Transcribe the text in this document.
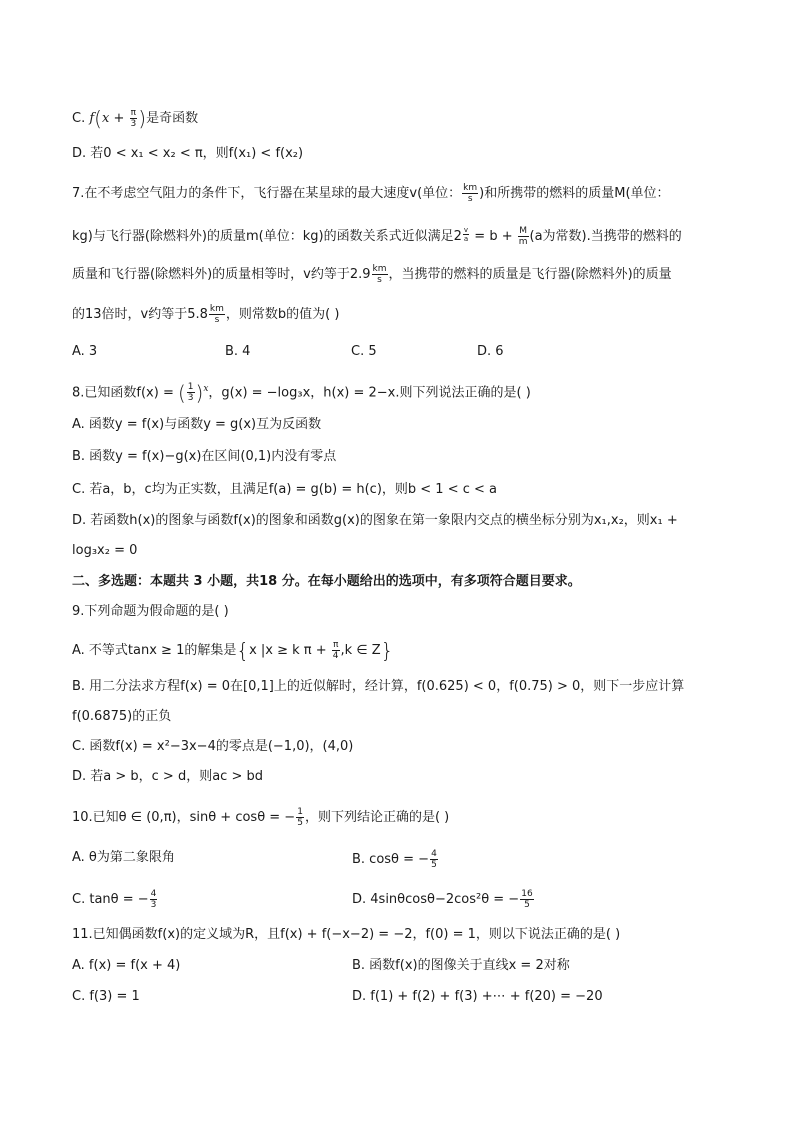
C. $f(x + \frac{\pi}{3}$ )是奇函数
D. 若0 < x₁ < x₂ < π，则f(x₁) < f(x₂)
7.在不考虑空气阻力的条件下，飞行器在某星球的最大速度v(单位： $\frac{km}{s}$ )和所携带的燃料的质量M(单位：
kg)与飞行器(除燃料外)的质量m(单位：kg)的函数关系式近似满足$2 \frac{v}{a} = b + \frac{M}{m} (a$为常数).当携带的燃料的
质量和飞行器(除燃料外)的质量相等时，v约等于$2.9 \frac{km}{s}$ ，当携带的燃料的质量是飞行器(除燃料外)的质量
的13倍时，v约等于$5.8 \frac{km}{s}$ ，则常数b的值为( )
A. 3	B. 4	C. 5	D. 6
8.已知函数f(x) = ( $\frac{1}{3} )^x$，g(x) = −log₃x，h(x) = 2−x.则下列说法正确的是( )
A. 函数y = f(x)与函数y = g(x)互为反函数
B. 函数y = f(x)−g(x)在区间(0,1)内没有零点
C. 若a，b，c均为正实数，且满足f(a) = g(b) = h(c)，则b < 1 < c < a
D. 若函数h(x)的图象与函数f(x)的图象和函数g(x)的图象在第一象限内交点的横坐标分别为x₁,x₂，则x₁ +
log₃x₂ = 0
二、多选题：本题共 3 小题，共18 分。在每小题给出的选项中，有多项符合题目要求。
9.下列命题为假命题的是( )
A. 不等式tanx ≥ 1的解集是{x |x ≥ k $\pi + \frac{\pi}{4} ,k$ ∈ Z}
B. 用二分法求方程f(x) = 0在[0,1]上的近似解时，经计算，f(0.625) < 0，f(0.75) > 0，则下一步应计算
f(0.6875)的正负
C. 函数f(x) = x²−3x−4的零点是(−1,0)，(4,0)
D. 若a > b，c > d，则ac > bd
10.已知θ ∈ (0,π)，sinθ + cosθ = − $\frac{1}{5}$ ，则下列结论正确的是( )
A. θ为第二象限角	B. cosθ = − $\frac{4}{5}$
C. tanθ = − $\frac{4}{3}$	D. 4sinθcosθ−2cos²θ = − $\frac{16}{5}$
11.已知偶函数f(x)的定义域为R，且f(x) + f(−x−2) = −2，f(0) = 1，则以下说法正确的是( )
A. f(x) = f(x + 4)	B. 函数f(x)的图像关于直线x = 2对称
C. f(3) = 1	D. f(1) + f(2) + f(3) +⋯ + f(20) = −20
